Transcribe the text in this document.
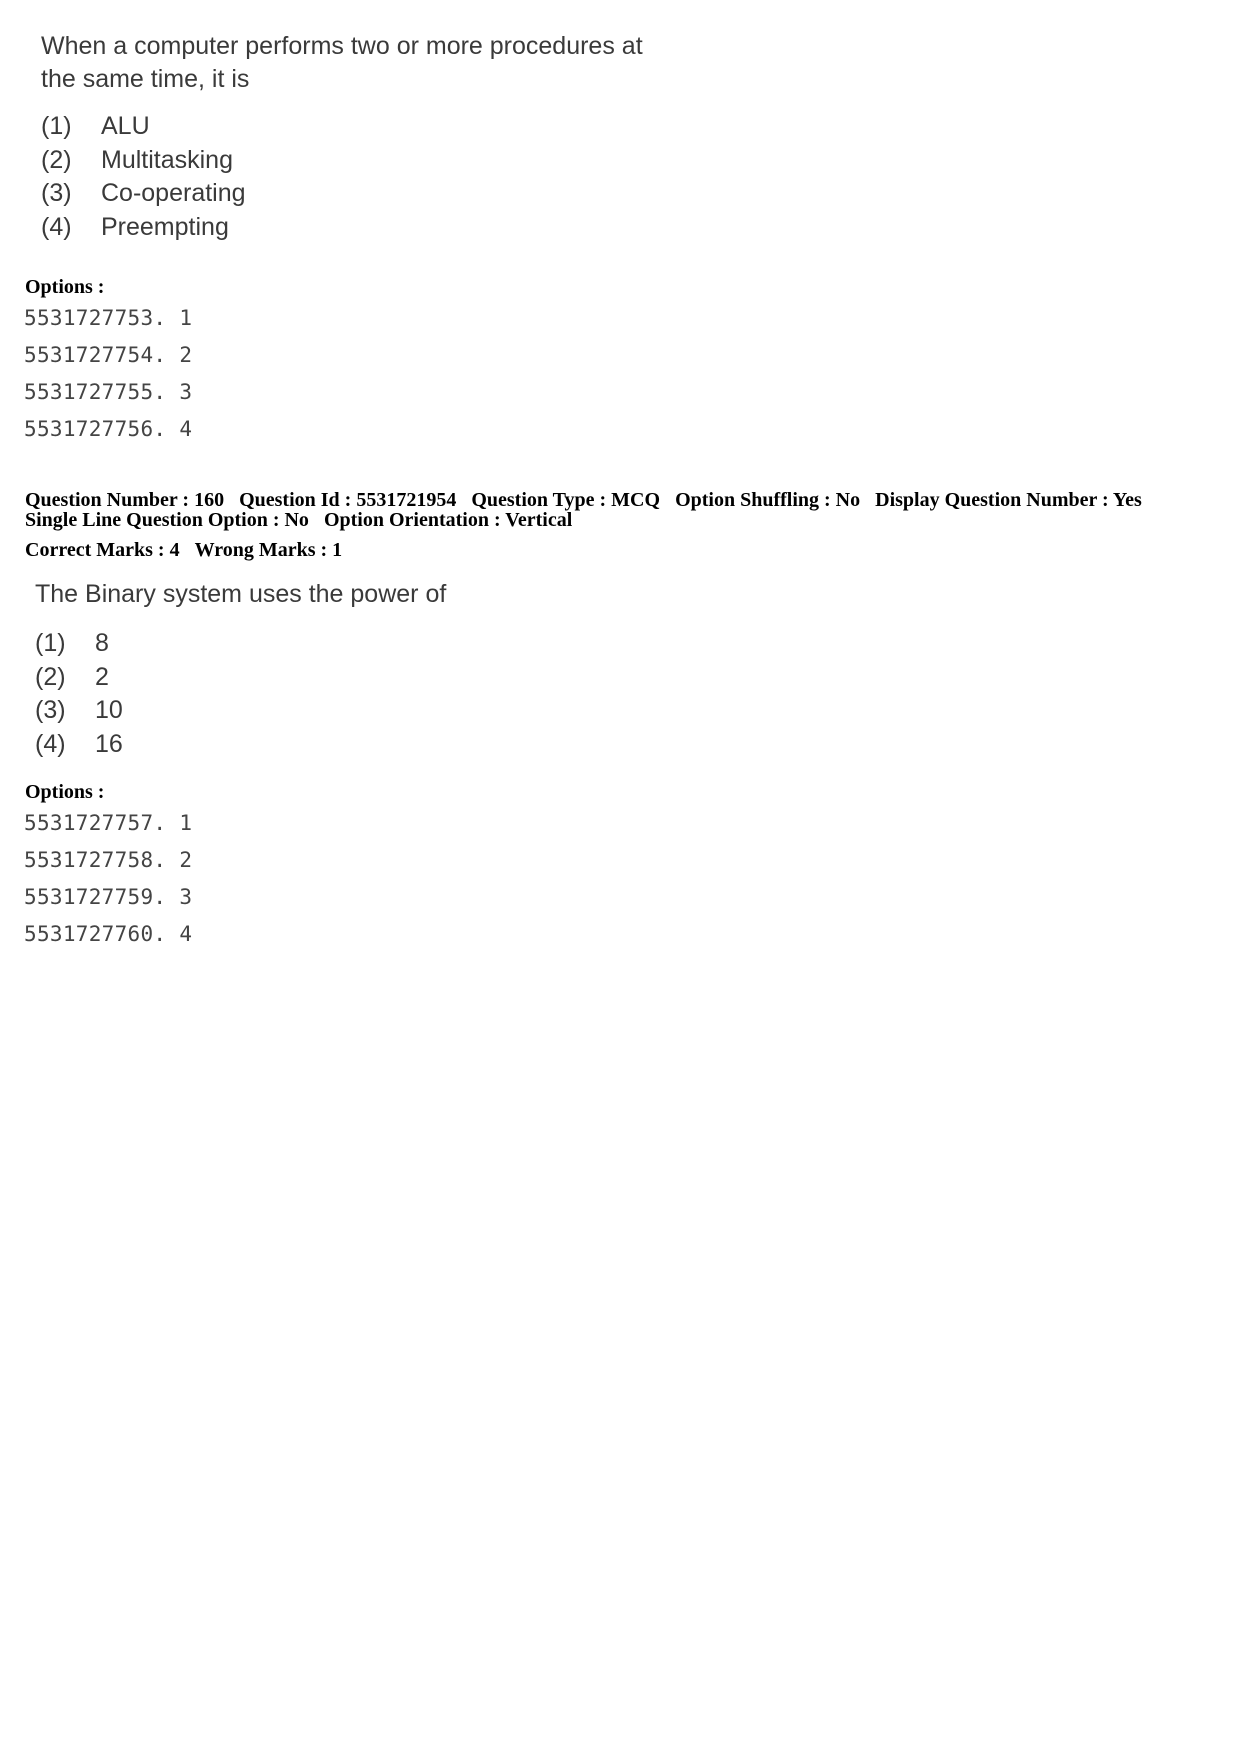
When a computer performs two or more procedures at
the same time, it is

(1)	ALU
(2)	Multitasking
(3)	Co-operating
(4)	Preempting

Options :

5531727753. 1
5531727754. 2
5531727755. 3
5531727756. 4

Question Number : 160 Question Id : 5531721954 Question Type : MCQ Option Shuffling : No Display Question Number : Yes

Single Line Question Option : No Option Orientation : Vertical

Correct Marks : 4 Wrong Marks : 1

The Binary system uses the power of

(1)	8
(2)	2
(3)	10
(4)	16

Options :

5531727757. 1
5531727758. 2
5531727759. 3
5531727760. 4
